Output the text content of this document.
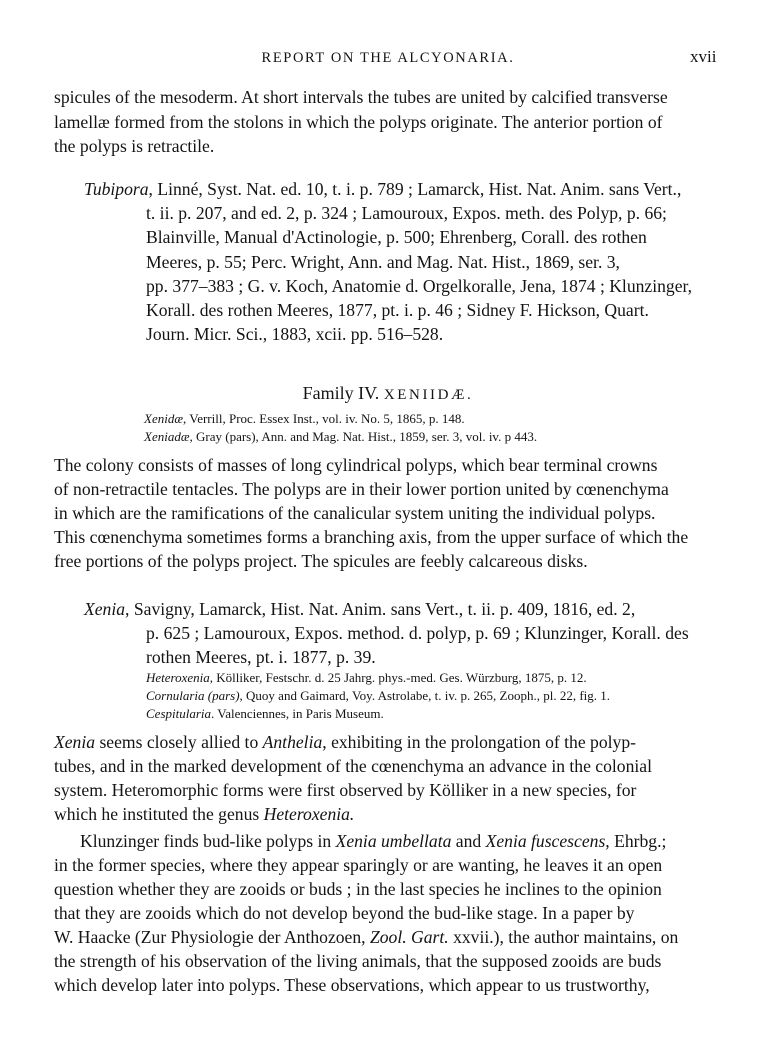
REPORT ON THE ALCYONARIA.	xvii
spicules of the mesoderm. At short intervals the tubes are united by calcified transverse
lamellæ formed from the stolons in which the polyps originate. The anterior portion of
the polyps is retractile.
Tubipora, Linné, Syst. Nat. ed. 10, t. i. p. 789 ; Lamarck, Hist. Nat. Anim. sans Vert.,
t. ii. p. 207, and ed. 2, p. 324 ; Lamouroux, Expos. meth. des Polyp, p. 66;
Blainville, Manual d'Actinologie, p. 500; Ehrenberg, Corall. des rothen
Meeres, p. 55; Perc. Wright, Ann. and Mag. Nat. Hist., 1869, ser. 3,
pp. 377–383 ; G. v. Koch, Anatomie d. Orgelkoralle, Jena, 1874 ; Klunzinger,
Korall. des rothen Meeres, 1877, pt. i. p. 46 ; Sidney F. Hickson, Quart.
Journ. Micr. Sci., 1883, xcii. pp. 516–528.
Family IV. XENIIDÆ.
Xenidæ, Verrill, Proc. Essex Inst., vol. iv. No. 5, 1865, p. 148.
Xeniadæ, Gray (pars), Ann. and Mag. Nat. Hist., 1859, ser. 3, vol. iv. p 443.
The colony consists of masses of long cylindrical polyps, which bear terminal crowns
of non-retractile tentacles. The polyps are in their lower portion united by cœnenchyma
in which are the ramifications of the canalicular system uniting the individual polyps.
This cœnenchyma sometimes forms a branching axis, from the upper surface of which the
free portions of the polyps project. The spicules are feebly calcareous disks.
Xenia, Savigny, Lamarck, Hist. Nat. Anim. sans Vert., t. ii. p. 409, 1816, ed. 2,
p. 625 ; Lamouroux, Expos. method. d. polyp, p. 69 ; Klunzinger, Korall. des
rothen Meeres, pt. i. 1877, p. 39.
Heteroxenia, Kölliker, Festschr. d. 25 Jahrg. phys.-med. Ges. Würzburg, 1875, p. 12.
Cornularia (pars), Quoy and Gaimard, Voy. Astrolabe, t. iv. p. 265, Zooph., pl. 22, fig. 1.
Cespitularia. Valenciennes, in Paris Museum.
Xenia seems closely allied to Anthelia, exhibiting in the prolongation of the polyp-
tubes, and in the marked development of the cœnenchyma an advance in the colonial
system. Heteromorphic forms were first observed by Kölliker in a new species, for
which he instituted the genus Heteroxenia.
Klunzinger finds bud-like polyps in Xenia umbellata and Xenia fuscescens, Ehrbg.;
in the former species, where they appear sparingly or are wanting, he leaves it an open
question whether they are zooids or buds ; in the last species he inclines to the opinion
that they are zooids which do not develop beyond the bud-like stage. In a paper by
W. Haacke (Zur Physiologie der Anthozoen, Zool. Gart. xxvii.), the author maintains, on
the strength of his observation of the living animals, that the supposed zooids are buds
which develop later into polyps. These observations, which appear to us trustworthy,
